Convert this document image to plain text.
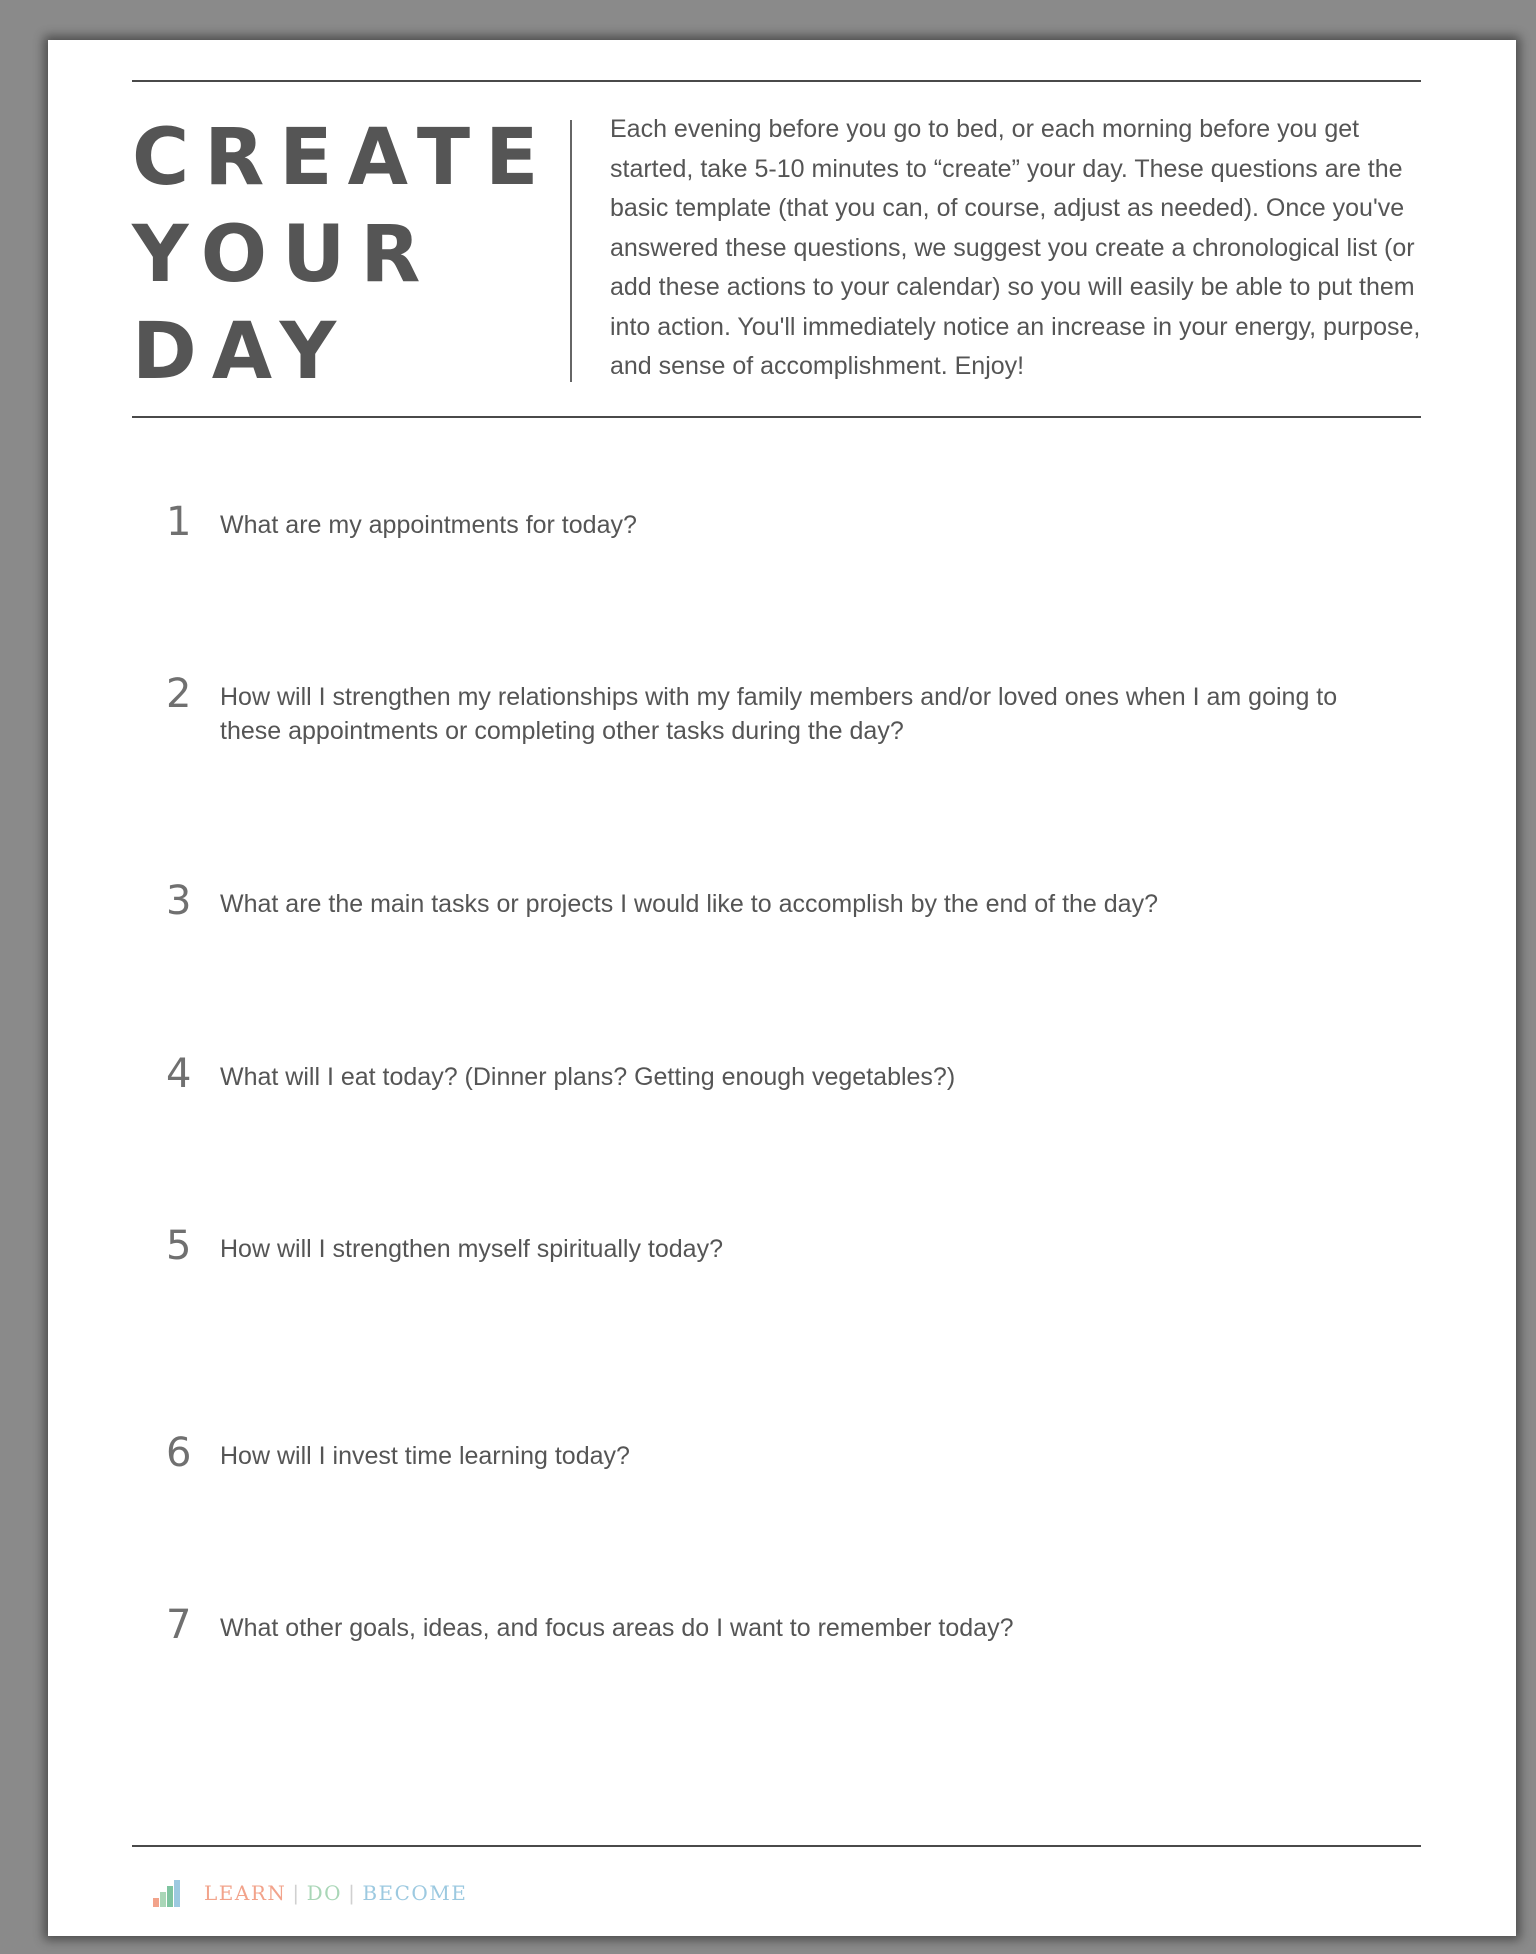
CREATE
YOUR
DAY

Each evening before you go to bed, or each morning before you get started, take 5-10 minutes to “create” your day. These questions are the basic template (that you can, of course, adjust as needed). Once you've answered these questions, we suggest you create a chronological list (or add these actions to your calendar) so you will easily be able to put them into action. You'll immediately notice an increase in your energy, purpose, and sense of accomplishment. Enjoy!

1	What are my appointments for today?
2	How will I strengthen my relationships with my family members and/or loved ones when I am going to these appointments or completing other tasks during the day?
3	What are the main tasks or projects I would like to accomplish by the end of the day?
4	What will I eat today? (Dinner plans? Getting enough vegetables?)
5	How will I strengthen myself spiritually today?
6	How will I invest time learning today?
7	What other goals, ideas, and focus areas do I want to remember today?
LEARN | DO | BECOME
